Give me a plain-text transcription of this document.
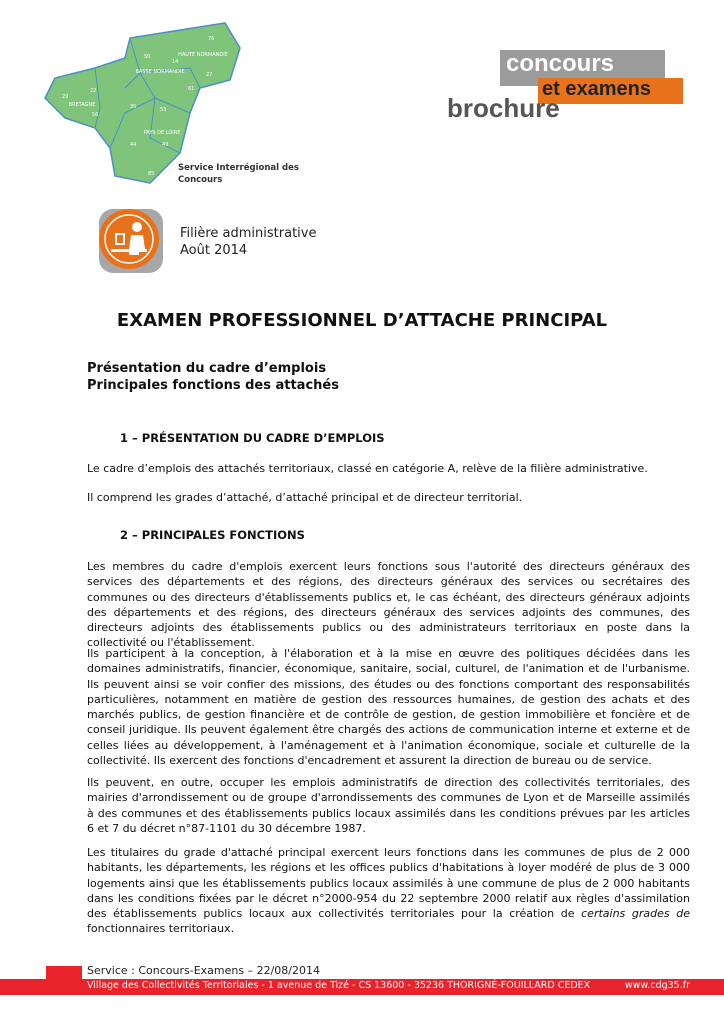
HAUTE NORMANDIE
BASSE NORMANDIE
BRETAGNE
PAYS DE LOIRE
76
50
14
27
61
22
29
35	53
72
56
44	49
85
Service Interrégional des
Concours
concours
et examens
brochure
Filière administrative
Août 2014
EXAMEN PROFESSIONNEL D’ATTACHE PRINCIPAL
Présentation du cadre d’emplois
Principales fonctions des attachés
1 – PRÉSENTATION DU CADRE D’EMPLOIS
Le cadre d’emplois des attachés territoriaux, classé en catégorie A, relève de la filière administrative.
Il comprend les grades d’attaché, d’attaché principal et de directeur territorial.
2 – PRINCIPALES FONCTIONS
Les membres du cadre d'emplois exercent leurs fonctions sous l'autorité des directeurs généraux des services des départements et des régions, des directeurs généraux des services ou secrétaires des communes ou des directeurs d'établissements publics et, le cas échéant, des directeurs généraux adjoints des départements et des régions, des directeurs généraux des services adjoints des communes, des directeurs adjoints des établissements publics ou des administrateurs territoriaux en poste dans la collectivité ou l'établissement.
Ils participent à la conception, à l'élaboration et à la mise en œuvre des politiques décidées dans les domaines administratifs, financier, économique, sanitaire, social, culturel, de l'animation et de l'urbanisme. Ils peuvent ainsi se voir confier des missions, des études ou des fonctions comportant des responsabilités particulières, notamment en matière de gestion des ressources humaines, de gestion des achats et des marchés publics, de gestion financière et de contrôle de gestion, de gestion immobilière et foncière et de conseil juridique. Ils peuvent également être chargés des actions de communication interne et externe et de celles liées au développement, à l'aménagement et à l'animation économique, sociale et culturelle de la collectivité. Ils exercent des fonctions d'encadrement et assurent la direction de bureau ou de service.
Ils peuvent, en outre, occuper les emplois administratifs de direction des collectivités territoriales, des mairies d'arrondissement ou de groupe d'arrondissements des communes de Lyon et de Marseille assimilés à des communes et des établissements publics locaux assimilés dans les conditions prévues par les articles 6 et 7 du décret n°87-1101 du 30 décembre 1987.
Les titulaires du grade d'attaché principal exercent leurs fonctions dans les communes de plus de 2 000 habitants, les départements, les régions et les offices publics d'habitations à loyer modéré de plus de 3 000 logements ainsi que les établissements publics locaux assimilés à une commune de plus de 2 000 habitants dans les conditions fixées par le décret n°2000-954 du 22 septembre 2000 relatif aux règles d'assimilation des établissements publics locaux aux collectivités territoriales pour la création de certains grades de fonctionnaires territoriaux.
Service : Concours-Examens – 22/08/2014
Village des Collectivités Territoriales - 1 avenue de Tizé - CS 13600 - 35236 THORIGNÉ-FOUILLARD CEDEX	www.cdg35.fr
